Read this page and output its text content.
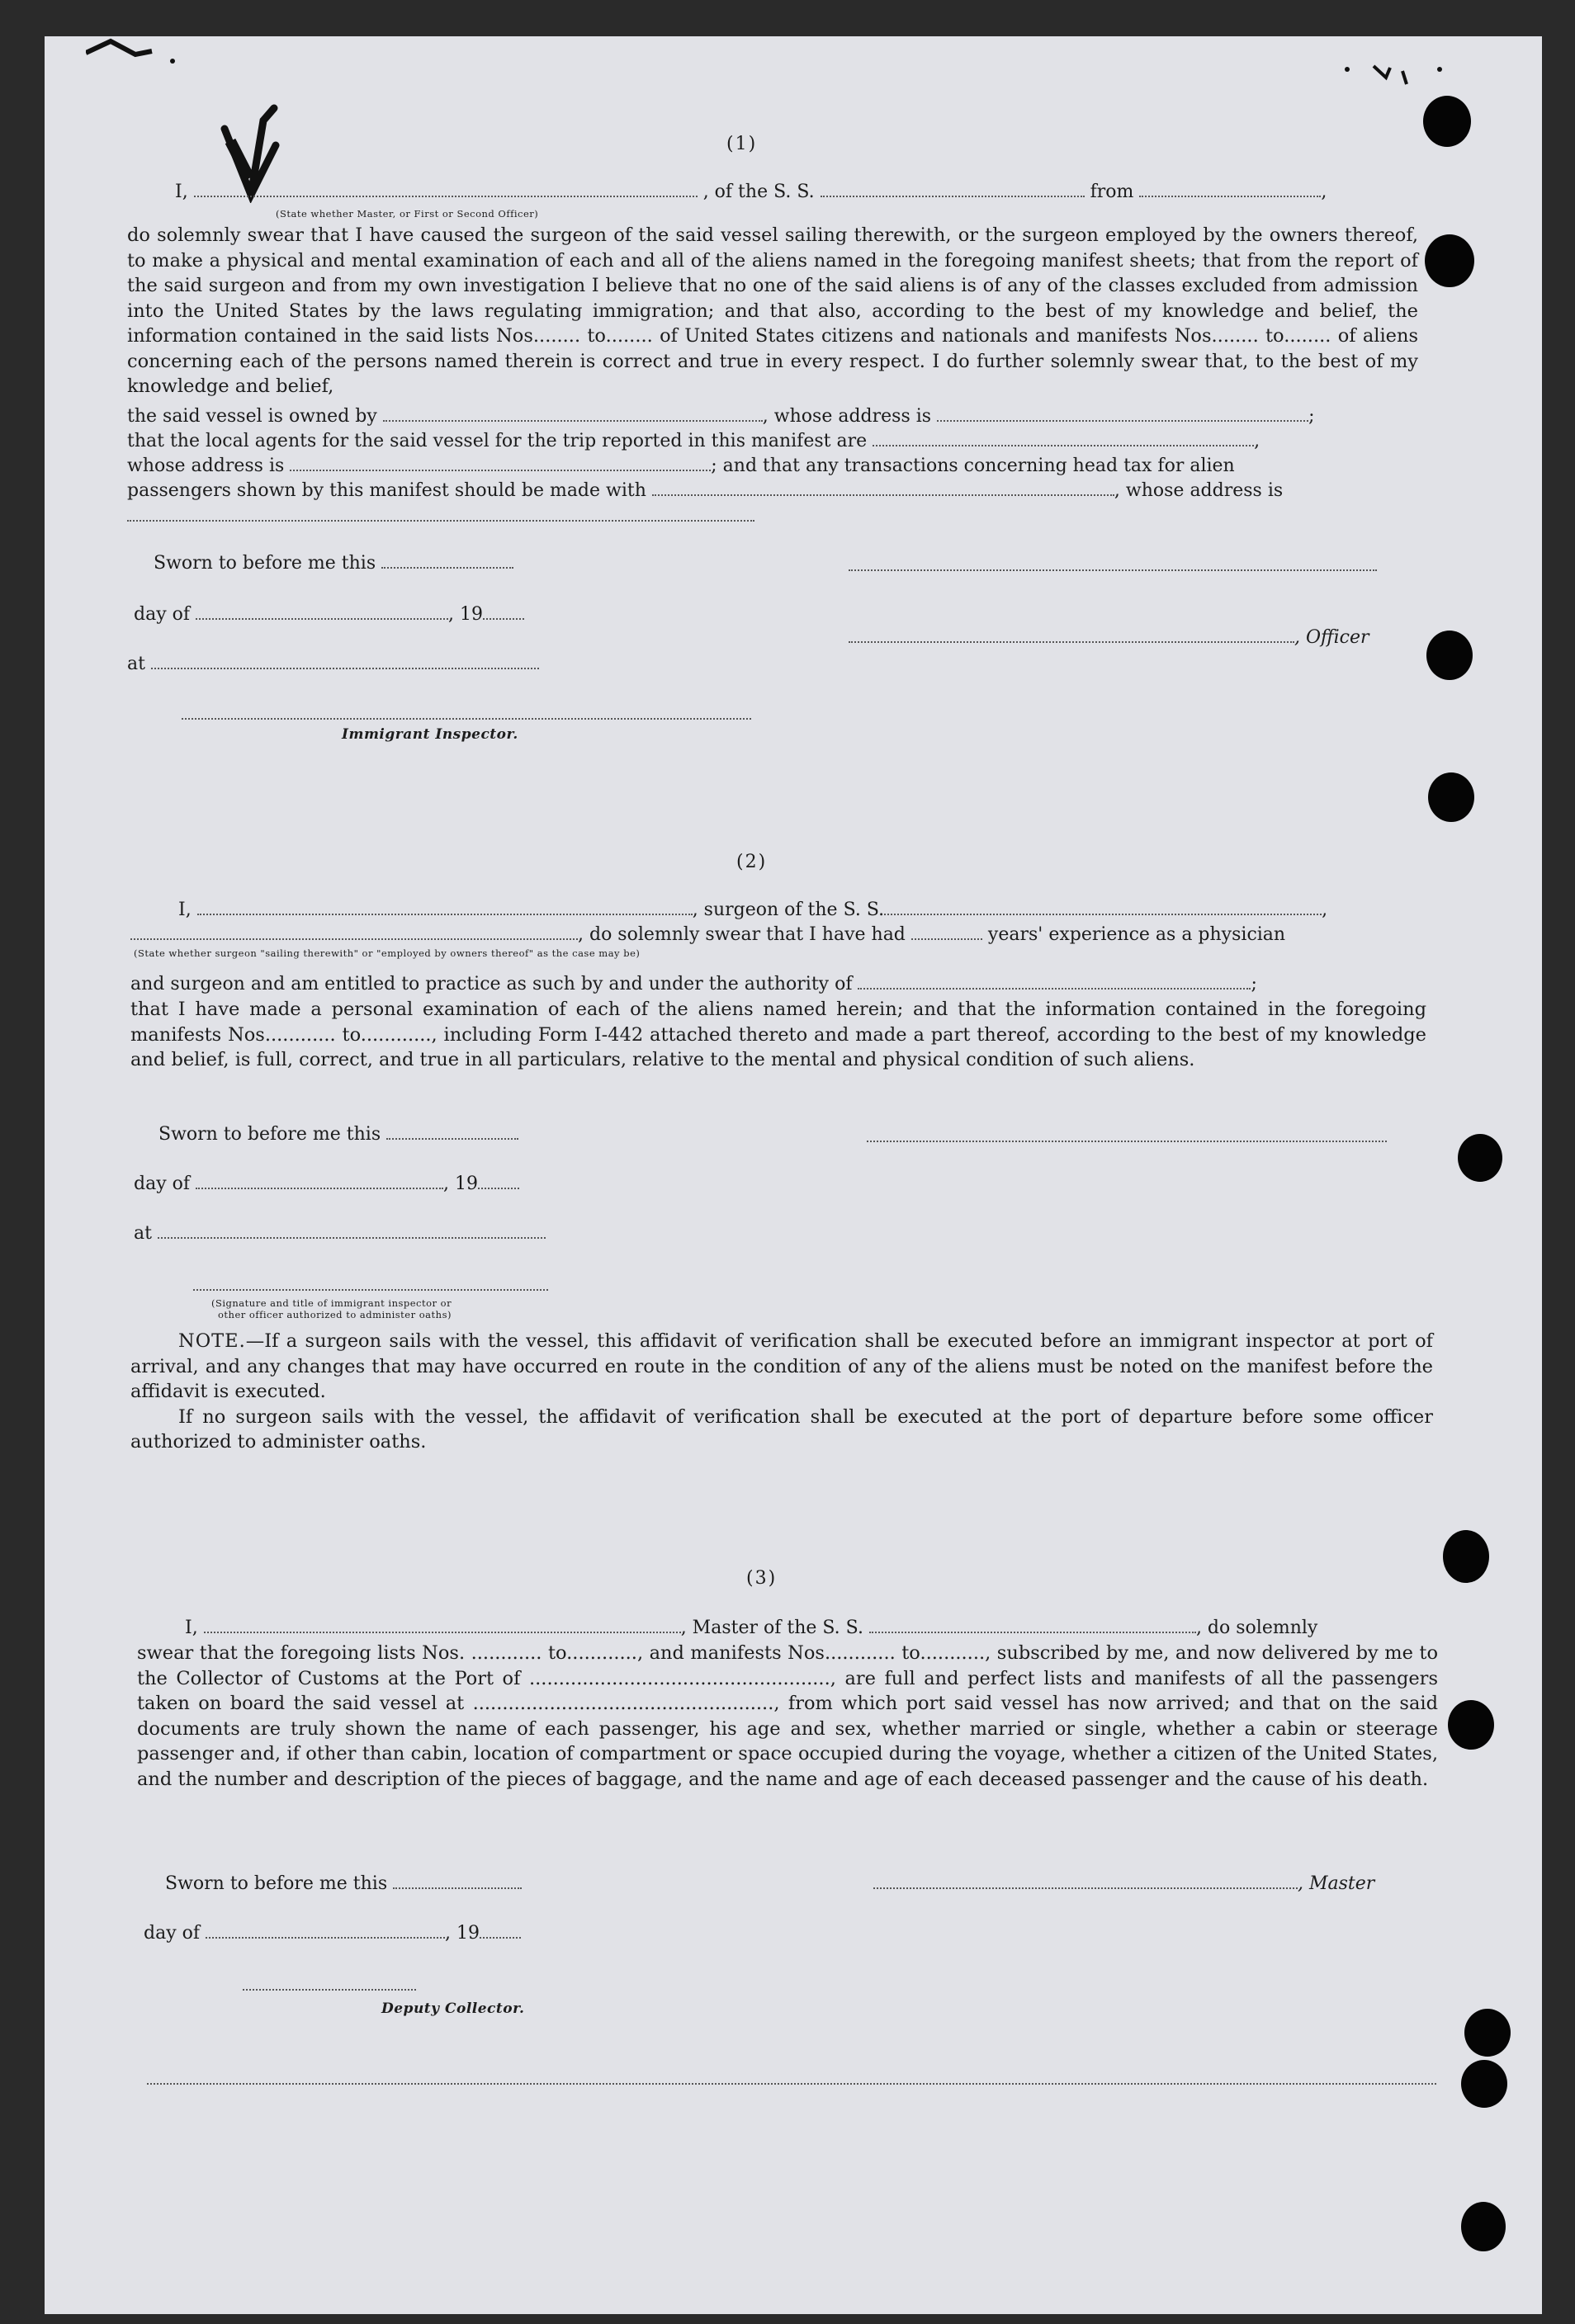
(1)
I,	, of the S. S.	from	,
(State whether Master, or First or Second Officer)

do solemnly swear that I have caused the surgeon of the said vessel sailing therewith, or the surgeon employed by the owners thereof, to make a physical and mental examination of each and all of the aliens named in the foregoing manifest sheets; that from the report of the said surgeon and from my own investigation I believe that no one of the said aliens is of any of the classes excluded from admission into the United States by the laws regulating immigration; and that also, according to the best of my knowledge and belief, the information contained in the said lists Nos........ to........ of United States citizens and nationals and manifests Nos........ to........ of aliens concerning each of the persons named therein is correct and true in every respect. I do further solemnly swear that, to the best of my knowledge and belief,

the said vessel is owned by	, whose address is	;
that the local agents for the said vessel for the trip reported in this manifest are	,
whose address is	; and that any transactions concerning head tax for alien
passengers shown by this manifest should be made with	, whose address is
Sworn to before me this
day of	, 19
, Officer
at
Immigrant Inspector.
(2)
I,	, surgeon of the S. S.	,
, do solemnly swear that I have had	years' experience as a physician
(State whether surgeon "sailing therewith" or "employed by owners thereof" as the case may be)
and surgeon and am entitled to practice as such by and under the authority of	;

that I have made a personal examination of each of the aliens named herein; and that the information contained in the foregoing manifests Nos............ to............, including Form I-442 attached thereto and made a part thereof, according to the best of my knowledge and belief, is full, correct, and true in all particulars, relative to the mental and physical condition of such aliens.

Sworn to before me this
day of	, 19
at
(Signature and title of immigrant inspector or
other officer authorized to administer oaths)

NOTE.—If a surgeon sails with the vessel, this affidavit of verification shall be executed before an immigrant inspector at port of arrival, and any changes that may have occurred en route in the condition of any of the aliens must be noted on the manifest before the affidavit is executed.

If no surgeon sails with the vessel, the affidavit of verification shall be executed at the port of departure before some officer authorized to administer oaths.

(3)
I,	, Master of the S. S.	, do solemnly

swear that the foregoing lists Nos. ............ to............, and manifests Nos............ to..........., subscribed by me, and now delivered by me to the Collector of Customs at the Port of ..................................................., are full and perfect lists and manifests of all the passengers taken on board the said vessel at ..................................................., from which port said vessel has now arrived; and that on the said documents are truly shown the name of each passenger, his age and sex, whether married or single, whether a cabin or steerage passenger and, if other than cabin, location of compartment or space occupied during the voyage, whether a citizen of the United States, and the number and description of the pieces of baggage, and the name and age of each deceased passenger and the cause of his death.

Sworn to before me this	, Master
day of	, 19
Deputy Collector.
